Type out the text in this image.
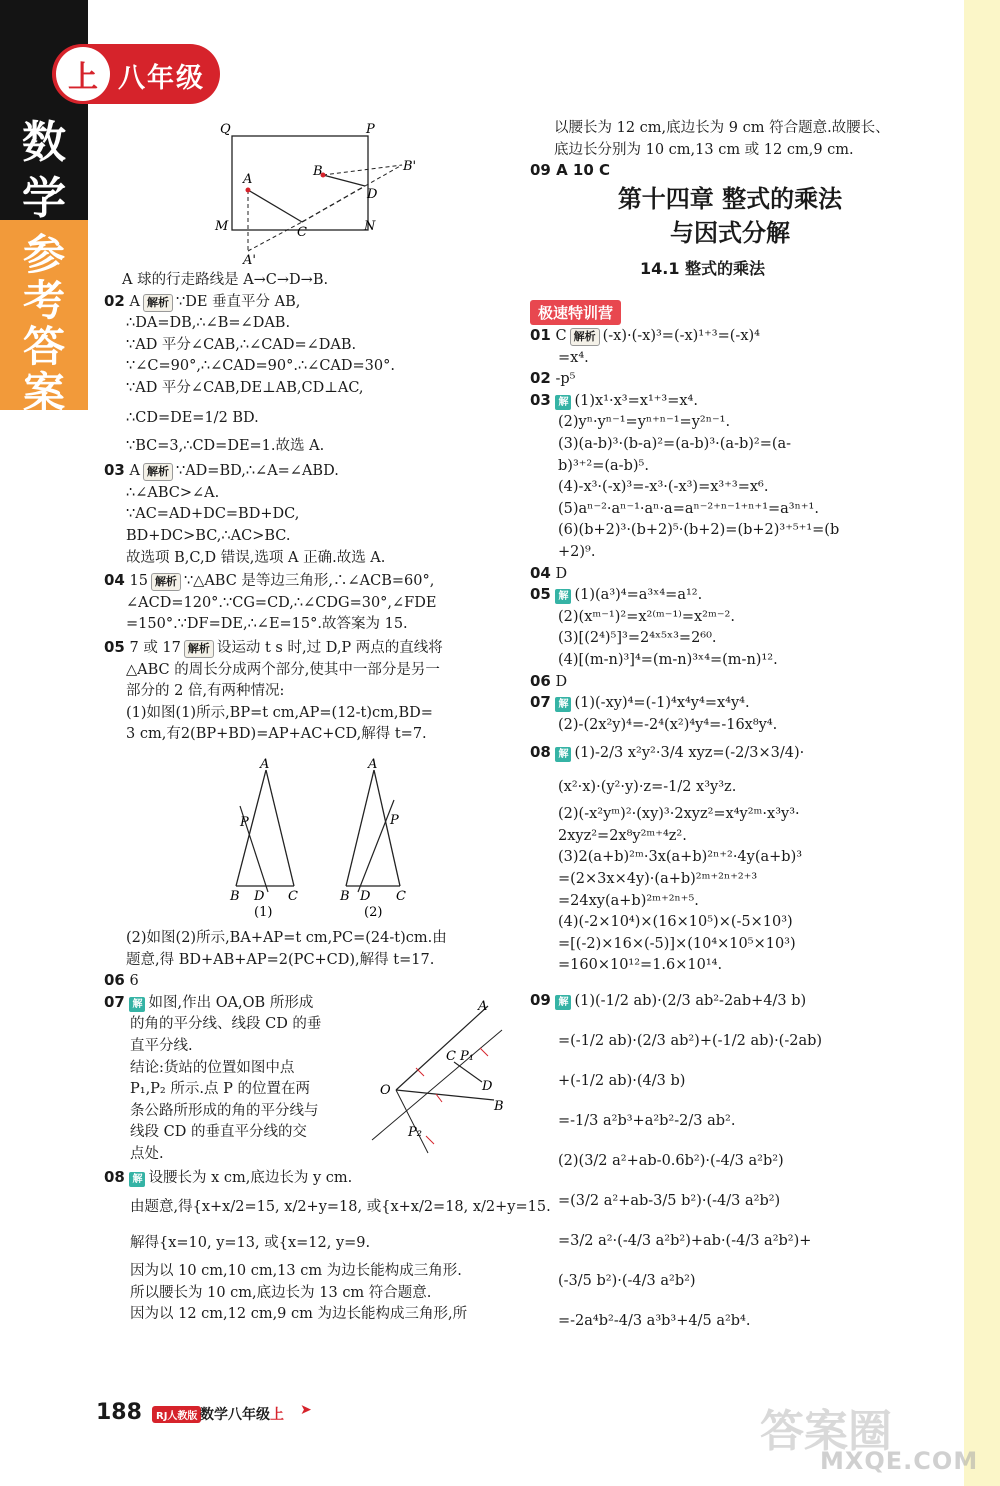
上 八年级
数学
参考答案
Q	P
A
B	B'
D
M	C	N
A'

A 球的行走路线是 A→C→D→B.

02 A 解析 ∵DE 垂直平分 AB,

∴DA=DB,∴∠B=∠DAB.

∵AD 平分∠CAB,∴∠CAD=∠DAB.

∵∠C=90°,∴∠CAD=90°.∴∠CAD=30°.

∵AD 平分∠CAB,DE⊥AB,CD⊥AC,

∴CD=DE=1/2 BD.

∵BC=3,∴CD=DE=1.故选 A.

03 A 解析 ∵AD=BD,∴∠A=∠ABD.

∴∠ABC>∠A.

∵AC=AD+DC=BD+DC,

BD+DC>BC,∴AC>BC.

故选项 B,C,D 错误,选项 A 正确.故选 A.

04 15 解析 ∵△ABC 是等边三角形,∴∠ACB=60°,

∠ACD=120°.∵CG=CD,∴∠CDG=30°,∠FDE

=150°.∵DF=DE,∴∠E=15°.故答案为 15.

05 7 或 17 解析 设运动 t s 时,过 D,P 两点的直线将

△ABC 的周长分成两个部分,使其中一部分是另一

部分的 2 倍,有两种情况:

(1)如图(1)所示,BP=t cm,AP=(12-t)cm,BD=

3 cm,有2(BP+BD)=AP+AC+CD,解得 t=7.

A
P
B D C
A
P
B D C
(1)	(2)

(2)如图(2)所示,BA+AP=t cm,PC=(24-t)cm.由

题意,得 BD+AB+AP=2(PC+CD),解得 t=17.

06 6

07 解 如图,作出 OA,OB 所形成

的角的平分线、线段 CD 的垂

直平分线.

结论:货站的位置如图中点

P₁,P₂ 所示.点 P 的位置在两

条公路所形成的角的平分线与

线段 CD 的垂直平分线的交

点处.

08 解 设腰长为 x cm,底边长为 y cm.

由题意,得{x+x/2=15, x/2+y=18, 或{x+x/2=18, x/2+y=15.

解得{x=10, y=13, 或{x=12, y=9.

因为以 10 cm,10 cm,13 cm 为边长能构成三角形.

所以腰长为 10 cm,底边长为 13 cm 符合题意.

因为以 12 cm,12 cm,9 cm 为边长能构成三角形,所

A
O
B
C P₁
D
P₂

以腰长为 12 cm,底边长为 9 cm 符合题意.故腰长、

底边长分别为 10 cm,13 cm 或 12 cm,9 cm.

09 A 10 C

第十四章 整式的乘法
与因式分解
14.1 整式的乘法
极速特训营

01 C 解析 (-x)·(-x)³=(-x)¹⁺³=(-x)⁴

=x⁴.

02 -p⁵

03 解 (1)x¹·x³=x¹⁺³=x⁴.

(2)yⁿ·yⁿ⁻¹=yⁿ⁺ⁿ⁻¹=y²ⁿ⁻¹.

(3)(a-b)³·(b-a)²=(a-b)³·(a-b)²=(a-

b)³⁺²=(a-b)⁵.

(4)-x³·(-x)³=-x³·(-x³)=x³⁺³=x⁶.

(5)aⁿ⁻²·aⁿ⁻¹·aⁿ·a=aⁿ⁻²⁺ⁿ⁻¹⁺ⁿ⁺¹=a³ⁿ⁺¹.

(6)(b+2)³·(b+2)⁵·(b+2)=(b+2)³⁺⁵⁺¹=(b

+2)⁹.

04 D

05 解 (1)(a³)⁴=a³ˣ⁴=a¹².

(2)(xᵐ⁻¹)²=x²⁽ᵐ⁻¹⁾=x²ᵐ⁻².

(3)[(2⁴)⁵]³=2⁴ˣ⁵ˣ³=2⁶⁰.

(4)[(m-n)³]⁴=(m-n)³ˣ⁴=(m-n)¹².

06 D

07 解 (1)(-xy)⁴=(-1)⁴x⁴y⁴=x⁴y⁴.

(2)-(2x²y)⁴=-2⁴(x²)⁴y⁴=-16x⁸y⁴.

08 解 (1)-2/3 x²y²·3/4 xyz=(-2/3×3/4)·

(x²·x)·(y²·y)·z=-1/2 x³y³z.

(2)(-x²yᵐ)²·(xy)³·2xyz²=x⁴y²ᵐ·x³y³·

2xyz²=2x⁸y²ᵐ⁺⁴z².

(3)2(a+b)²ᵐ·3x(a+b)²ⁿ⁺²·4y(a+b)³

=(2×3x×4y)·(a+b)²ᵐ⁺²ⁿ⁺²⁺³

=24xy(a+b)²ᵐ⁺²ⁿ⁺⁵.

(4)(-2×10⁴)×(16×10⁵)×(-5×10³)

=[(-2)×16×(-5)]×(10⁴×10⁵×10³)

=160×10¹²=1.6×10¹⁴.

09 解 (1)(-1/2 ab)·(2/3 ab²-2ab+4/3 b)

=(-1/2 ab)·(2/3 ab²)+(-1/2 ab)·(-2ab)

+(-1/2 ab)·(4/3 b)

=-1/3 a²b³+a²b²-2/3 ab².

(2)(3/2 a²+ab-0.6b²)·(-4/3 a²b²)

=(3/2 a²+ab-3/5 b²)·(-4/3 a²b²)

=3/2 a²·(-4/3 a²b²)+ab·(-4/3 a²b²)+

(-3/5 b²)·(-4/3 a²b²)

=-2a⁴b²-4/3 a³b³+4/5 a²b⁴.

188	RJ人教版 数学八年级上 ➤	答案圈
MXQE.COM
